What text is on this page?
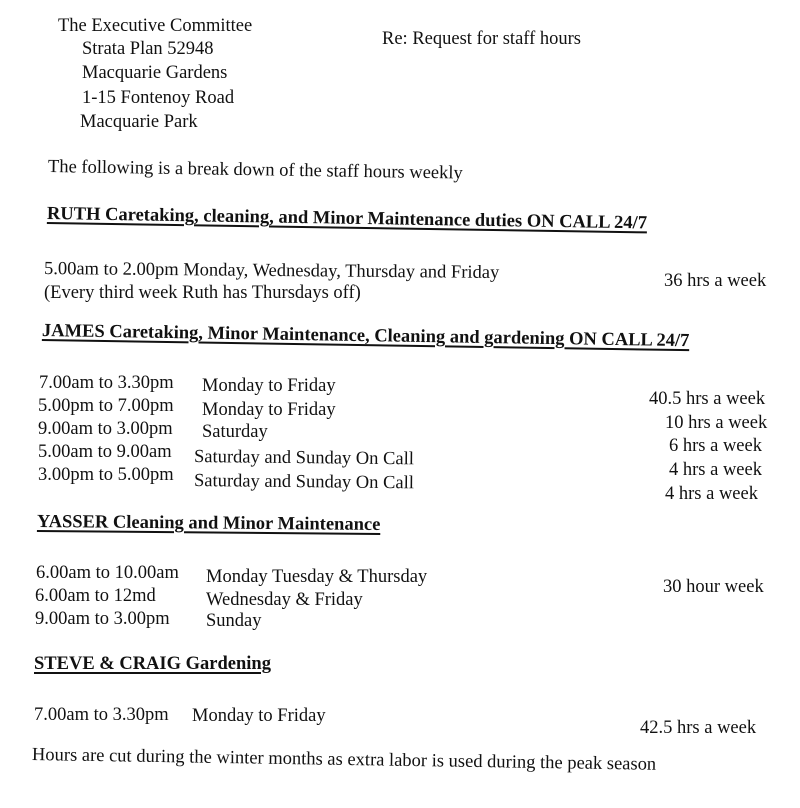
The Executive Committee
Strata Plan 52948
Macquarie Gardens
1-15 Fontenoy Road
Macquarie Park
Re: Request for staff hours
The following is a break down of the staff hours weekly
RUTH Caretaking, cleaning, and Minor Maintenance duties ON CALL 24/7
5.00am to 2.00pm Monday, Wednesday, Thursday and Friday
(Every third week Ruth has Thursdays off)
36 hrs a week
JAMES Caretaking, Minor Maintenance, Cleaning and gardening ON CALL 24/7
7.00am to 3.30pm Monday to Friday
40.5 hrs a week
5.00pm to 7.00pm Monday to Friday
10 hrs a week
9.00am to 3.00pm Saturday
6 hrs a week
5.00am to 9.00am Saturday and Sunday On Call
4 hrs a week
3.00pm to 5.00pm Saturday and Sunday On Call
4 hrs a week
YASSER Cleaning and Minor Maintenance
6.00am to 10.00am Monday Tuesday & Thursday
6.00am to 12md	Wednesday & Friday
9.00am to 3.00pm Sunday
30 hour week
STEVE & CRAIG Gardening
7.00am to 3.30pm Monday to Friday
42.5 hrs a week
Hours are cut during the winter months as extra labor is used during the peak season
